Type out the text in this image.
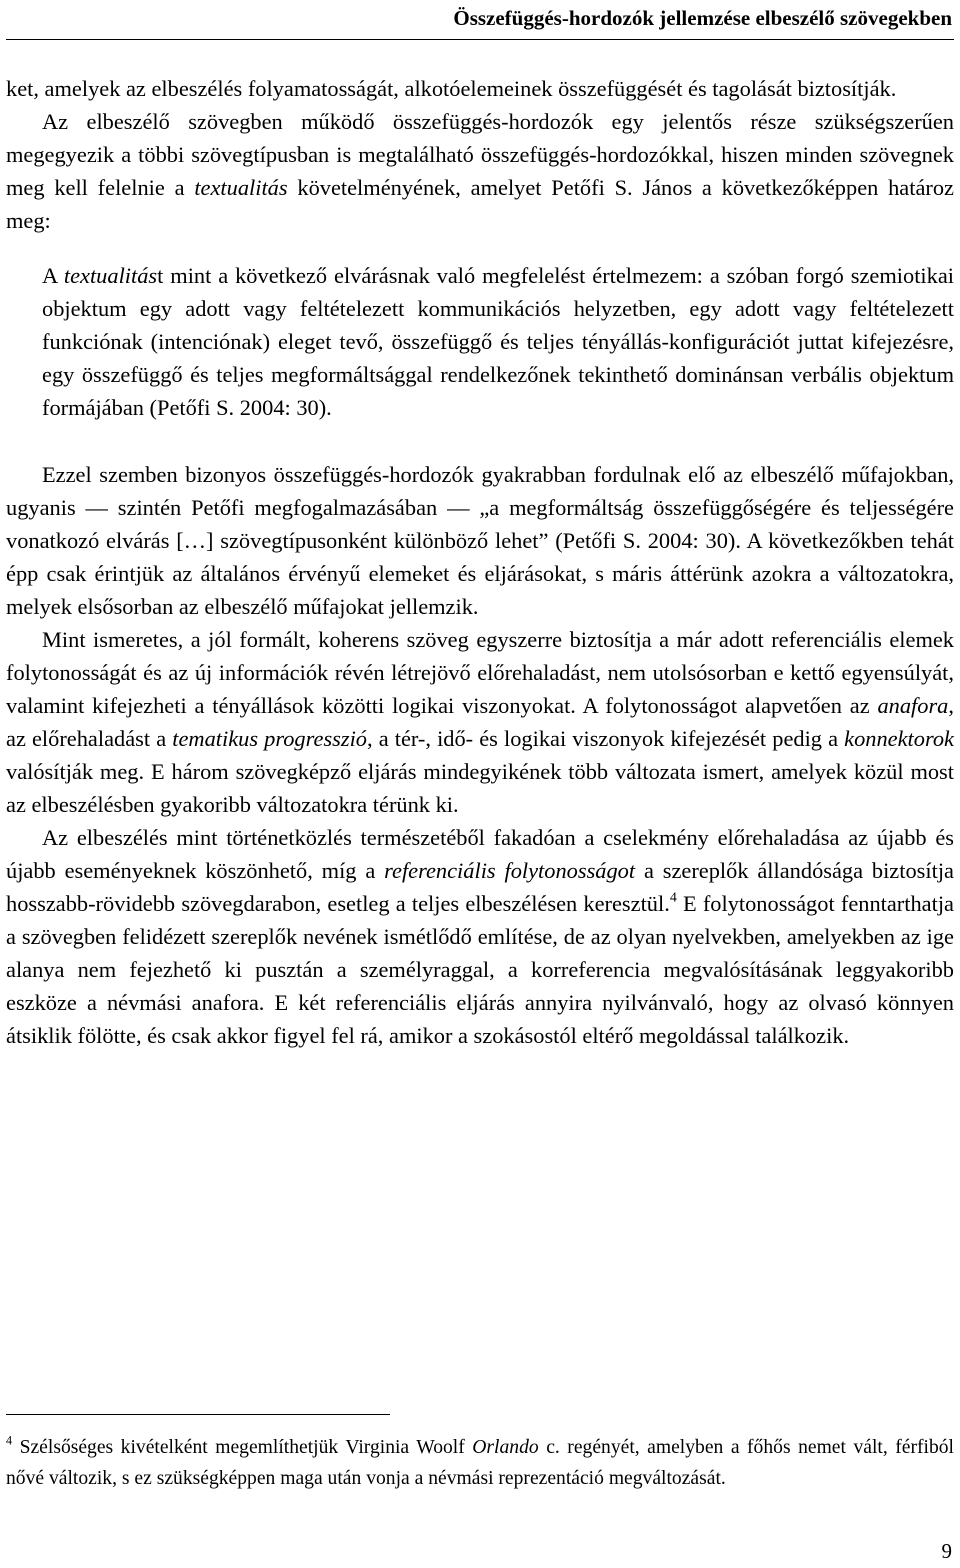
Összefüggés-hordozók jellemzése elbeszélő szövegekben

ket, amelyek az elbeszélés folyamatosságát, alkotóelemeinek összefüggését és tagolását biztosítják.

Az elbeszélő szövegben működő összefüggés-hordozók egy jelentős része szükségszerűen megegyezik a többi szövegtípusban is megtalálható összefüggés-hordozókkal, hiszen minden szövegnek meg kell felelnie a textualitás követelményének, amelyet Petőfi S. János a következőképpen határoz meg:

A textualitást mint a következő elvárásnak való megfelelést értelmezem: a szóban forgó szemiotikai objektum egy adott vagy feltételezett kommunikációs helyzetben, egy adott vagy feltételezett funkciónak (intenciónak) eleget tevő, összefüggő és teljes tényállás-konfigurációt juttat kifejezésre, egy összefüggő és teljes megformáltsággal rendelkezőnek tekinthető dominánsan verbális objektum formájában (Petőfi S. 2004: 30).

Ezzel szemben bizonyos összefüggés-hordozók gyakrabban fordulnak elő az elbeszélő műfajokban, ugyanis — szintén Petőfi megfogalmazásában — „a megformáltság összefüggőségére és teljességére vonatkozó elvárás […] szövegtípusonként különböző lehet” (Petőfi S. 2004: 30). A következőkben tehát épp csak érintjük az általános érvényű elemeket és eljárásokat, s máris áttérünk azokra a változatokra, melyek elsősorban az elbeszélő műfajokat jellemzik.

Mint ismeretes, a jól formált, koherens szöveg egyszerre biztosítja a már adott referenciális elemek folytonosságát és az új információk révén létrejövő előrehaladást, nem utolsósorban e kettő egyensúlyát, valamint kifejezheti a tényállások közötti logikai viszonyokat. A folytonosságot alapvetően az anafora, az előrehaladást a tematikus progresszió, a tér-, idő- és logikai viszonyok kifejezését pedig a konnektorok valósítják meg. E három szövegképző eljárás mindegyikének több változata ismert, amelyek közül most az elbeszélésben gyakoribb változatokra térünk ki.

Az elbeszélés mint történetközlés természetéből fakadóan a cselekmény előrehaladása az újabb és újabb eseményeknek köszönhető, míg a referenciális folytonosságot a szereplők állandósága biztosítja hosszabb-rövidebb szövegdarabon, esetleg a teljes elbeszélésen keresztül.$^4$ E folytonosságot fenntarthatja a szövegben felidézett szereplők nevének ismétlődő említése, de az olyan nyelvekben, amelyekben az ige alanya nem fejezhető ki pusztán a személyraggal, a korreferencia megvalósításának leggyakoribb eszköze a névmási anafora. E két referenciális eljárás annyira nyilvánvaló, hogy az olvasó könnyen átsiklik fölötte, és csak akkor figyel fel rá, amikor a szokásostól eltérő megoldással találkozik.

$^4$ Szélsőséges kivételként megemlíthetjük Virginia Woolf Orlando c. regényét, amelyben a főhős nemet vált, férfiból nővé változik, s ez szükségképpen maga után vonja a névmási reprezentáció megváltozását.

9
